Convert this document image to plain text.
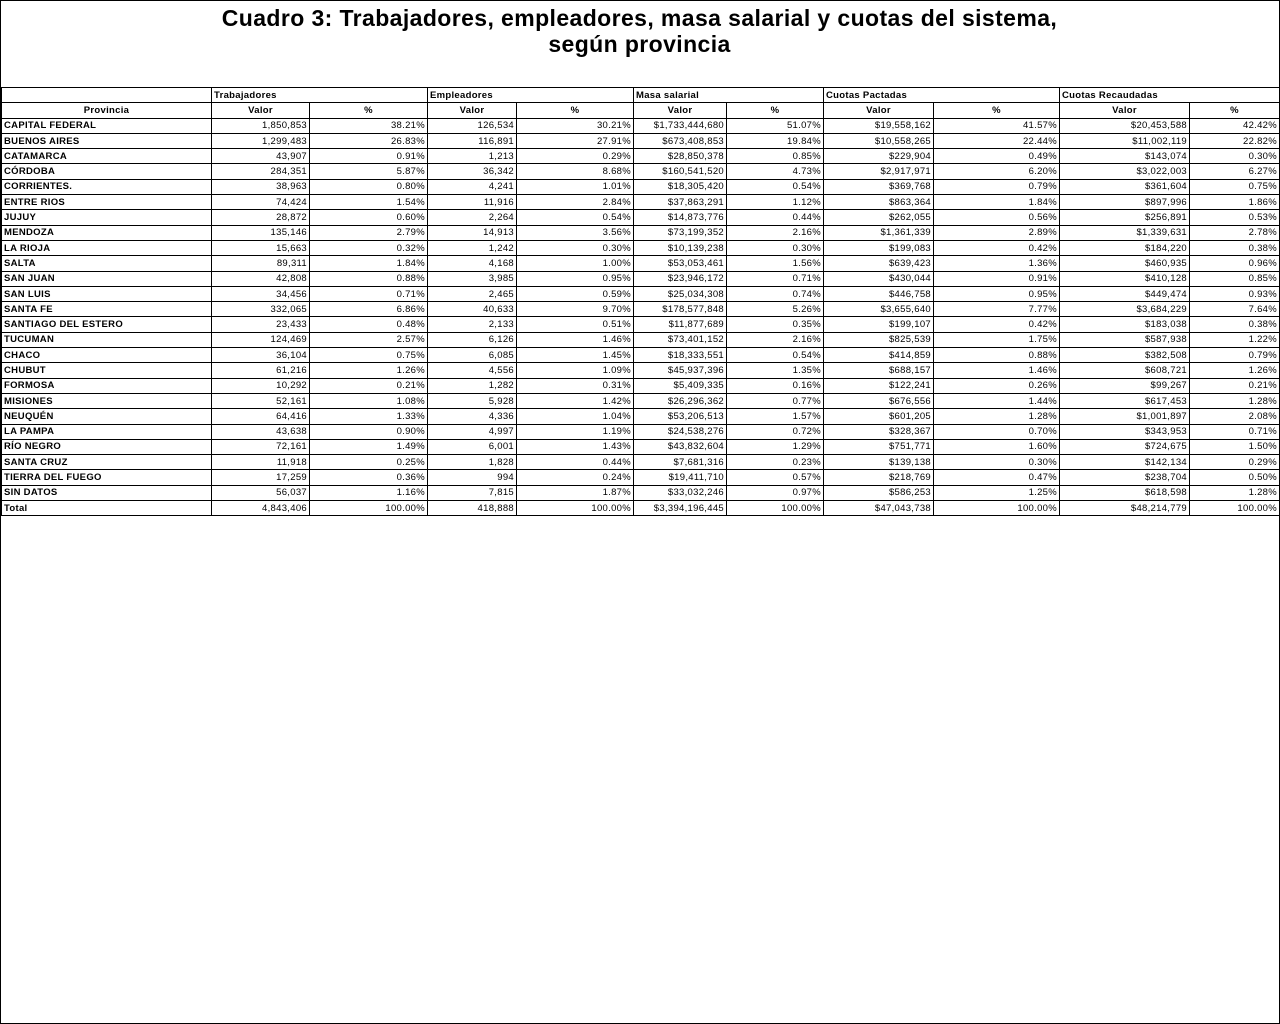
Cuadro 3: Trabajadores, empleadores, masa salarial y cuotas del sistema,
según provincia
	Trabajadores		Empleadores		Masa salarial		Cuotas Pactadas		Cuotas Recaudadas	
Provincia	Valor	%	Valor	%	Valor	%	Valor	%	Valor	%
CAPITAL FEDERAL	1,850,853	38.21%	126,534	30.21%	$1,733,444,680	51.07%	$19,558,162	41.57%	$20,453,588	42.42%
BUENOS AIRES	1,299,483	26.83%	116,891	27.91%	$673,408,853	19.84%	$10,558,265	22.44%	$11,002,119	22.82%
CATAMARCA	43,907	0.91%	1,213	0.29%	$28,850,378	0.85%	$229,904	0.49%	$143,074	0.30%
CÓRDOBA	284,351	5.87%	36,342	8.68%	$160,541,520	4.73%	$2,917,971	6.20%	$3,022,003	6.27%
CORRIENTES.	38,963	0.80%	4,241	1.01%	$18,305,420	0.54%	$369,768	0.79%	$361,604	0.75%
ENTRE RIOS	74,424	1.54%	11,916	2.84%	$37,863,291	1.12%	$863,364	1.84%	$897,996	1.86%
JUJUY	28,872	0.60%	2,264	0.54%	$14,873,776	0.44%	$262,055	0.56%	$256,891	0.53%
MENDOZA	135,146	2.79%	14,913	3.56%	$73,199,352	2.16%	$1,361,339	2.89%	$1,339,631	2.78%
LA RIOJA	15,663	0.32%	1,242	0.30%	$10,139,238	0.30%	$199,083	0.42%	$184,220	0.38%
SALTA	89,311	1.84%	4,168	1.00%	$53,053,461	1.56%	$639,423	1.36%	$460,935	0.96%
SAN JUAN	42,808	0.88%	3,985	0.95%	$23,946,172	0.71%	$430,044	0.91%	$410,128	0.85%
SAN LUIS	34,456	0.71%	2,465	0.59%	$25,034,308	0.74%	$446,758	0.95%	$449,474	0.93%
SANTA FE	332,065	6.86%	40,633	9.70%	$178,577,848	5.26%	$3,655,640	7.77%	$3,684,229	7.64%
SANTIAGO DEL ESTERO	23,433	0.48%	2,133	0.51%	$11,877,689	0.35%	$199,107	0.42%	$183,038	0.38%
TUCUMAN	124,469	2.57%	6,126	1.46%	$73,401,152	2.16%	$825,539	1.75%	$587,938	1.22%
CHACO	36,104	0.75%	6,085	1.45%	$18,333,551	0.54%	$414,859	0.88%	$382,508	0.79%
CHUBUT	61,216	1.26%	4,556	1.09%	$45,937,396	1.35%	$688,157	1.46%	$608,721	1.26%
FORMOSA	10,292	0.21%	1,282	0.31%	$5,409,335	0.16%	$122,241	0.26%	$99,267	0.21%
MISIONES	52,161	1.08%	5,928	1.42%	$26,296,362	0.77%	$676,556	1.44%	$617,453	1.28%
NEUQUÉN	64,416	1.33%	4,336	1.04%	$53,206,513	1.57%	$601,205	1.28%	$1,001,897	2.08%
LA PAMPA	43,638	0.90%	4,997	1.19%	$24,538,276	0.72%	$328,367	0.70%	$343,953	0.71%
RÍO NEGRO	72,161	1.49%	6,001	1.43%	$43,832,604	1.29%	$751,771	1.60%	$724,675	1.50%
SANTA CRUZ	11,918	0.25%	1,828	0.44%	$7,681,316	0.23%	$139,138	0.30%	$142,134	0.29%
TIERRA DEL FUEGO	17,259	0.36%	994	0.24%	$19,411,710	0.57%	$218,769	0.47%	$238,704	0.50%
SIN DATOS	56,037	1.16%	7,815	1.87%	$33,032,246	0.97%	$586,253	1.25%	$618,598	1.28%
Total	4,843,406	100.00%	418,888	100.00%	$3,394,196,445	100.00%	$47,043,738	100.00%	$48,214,779	100.00%
